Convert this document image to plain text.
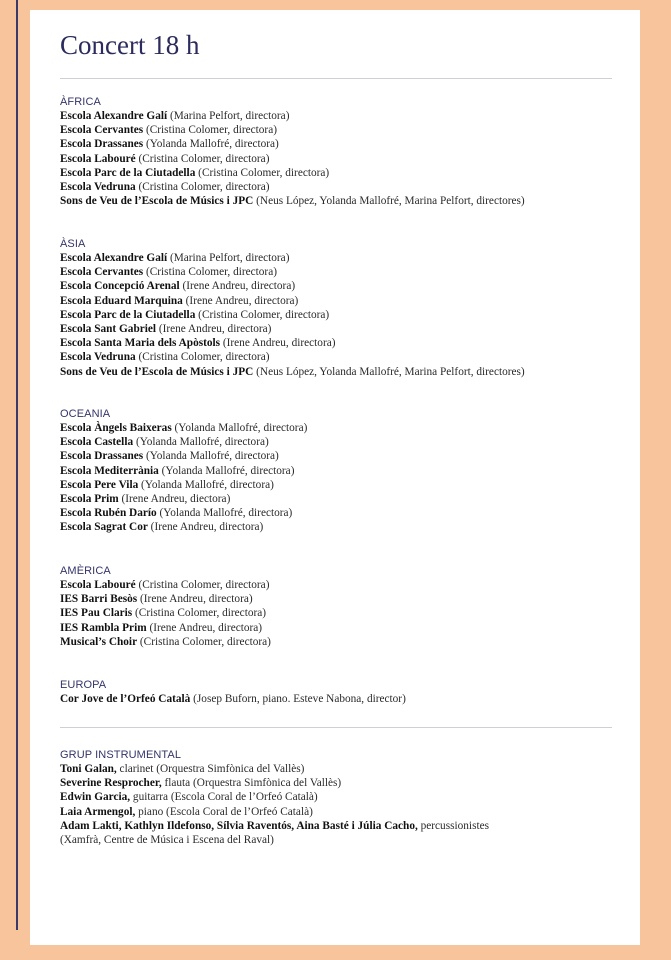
Concert 18 h
ÀFRICA
Escola Alexandre Galí (Marina Pelfort, directora)
Escola Cervantes (Cristina Colomer, directora)
Escola Drassanes (Yolanda Mallofré, directora)
Escola Labouré (Cristina Colomer, directora)
Escola Parc de la Ciutadella (Cristina Colomer, directora)
Escola Vedruna (Cristina Colomer, directora)
Sons de Veu de l’Escola de Músics i JPC (Neus López, Yolanda Mallofré, Marina Pelfort, directores)
ÀSIA
Escola Alexandre Galí (Marina Pelfort, directora)
Escola Cervantes (Cristina Colomer, directora)
Escola Concepció Arenal (Irene Andreu, directora)
Escola Eduard Marquina (Irene Andreu, directora)
Escola Parc de la Ciutadella (Cristina Colomer, directora)
Escola Sant Gabriel (Irene Andreu, directora)
Escola Santa Maria dels Apòstols (Irene Andreu, directora)
Escola Vedruna (Cristina Colomer, directora)
Sons de Veu de l’Escola de Músics i JPC (Neus López, Yolanda Mallofré, Marina Pelfort, directores)
OCEANIA
Escola Àngels Baixeras (Yolanda Mallofré, directora)
Escola Castella (Yolanda Mallofré, directora)
Escola Drassanes (Yolanda Mallofré, directora)
Escola Mediterrània (Yolanda Mallofré, directora)
Escola Pere Vila (Yolanda Mallofré, directora)
Escola Prim (Irene Andreu, diectora)
Escola Rubén Darío (Yolanda Mallofré, directora)
Escola Sagrat Cor (Irene Andreu, directora)
AMÈRICA
Escola Labouré (Cristina Colomer, directora)
IES Barri Besòs (Irene Andreu, directora)
IES Pau Claris (Cristina Colomer, directora)
IES Rambla Prim (Irene Andreu, directora)
Musical’s Choir (Cristina Colomer, directora)
EUROPA
Cor Jove de l’Orfeó Català (Josep Buforn, piano. Esteve Nabona, director)
GRUP INSTRUMENTAL
Toni Galan, clarinet (Orquestra Simfònica del Vallès)
Severine Resprocher, flauta (Orquestra Simfònica del Vallès)
Edwin Garcia, guitarra (Escola Coral de l’Orfeó Català)
Laia Armengol, piano (Escola Coral de l’Orfeó Català)
Adam Lakti, Kathlyn Ildefonso, Sílvia Raventós, Aina Basté i Júlia Cacho, percussionistes
(Xamfrà, Centre de Música i Escena del Raval)
